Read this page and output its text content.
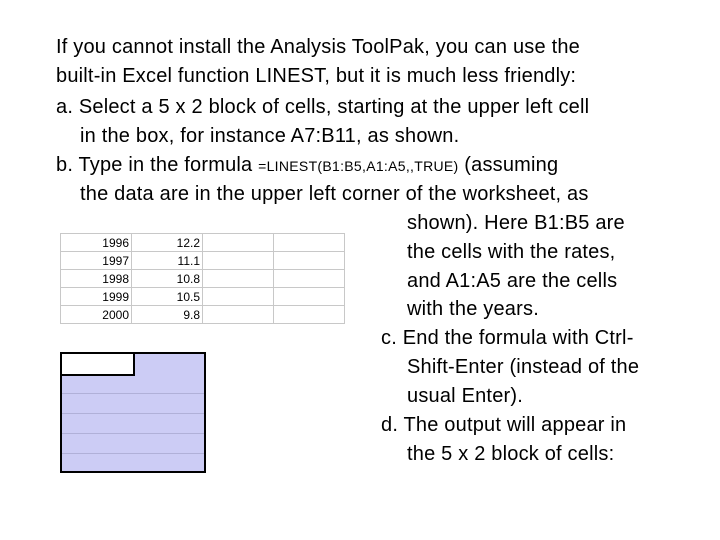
If you cannot install the Analysis ToolPak, you can use the
built-in Excel function LINEST, but it is much less friendly:
a. Select a 5 x 2 block of cells, starting at the upper left cell
in the box, for instance A7:B11, as shown.
b. Type in the formula =LINEST(B1:B5,A1:A5,,TRUE) (assuming
the data are in the upper left corner of the worksheet, as
shown). Here B1:B5 are
the cells with the rates,
and A1:A5 are the cells
with the years.
c. End the formula with Ctrl-
Shift-Enter (instead of the
usual Enter).
d. The output will appear in
the 5 x 2 block of cells:
1996	12.2		
1997	11.1		
1998	10.8		
1999	10.5		
2000	9.8		
